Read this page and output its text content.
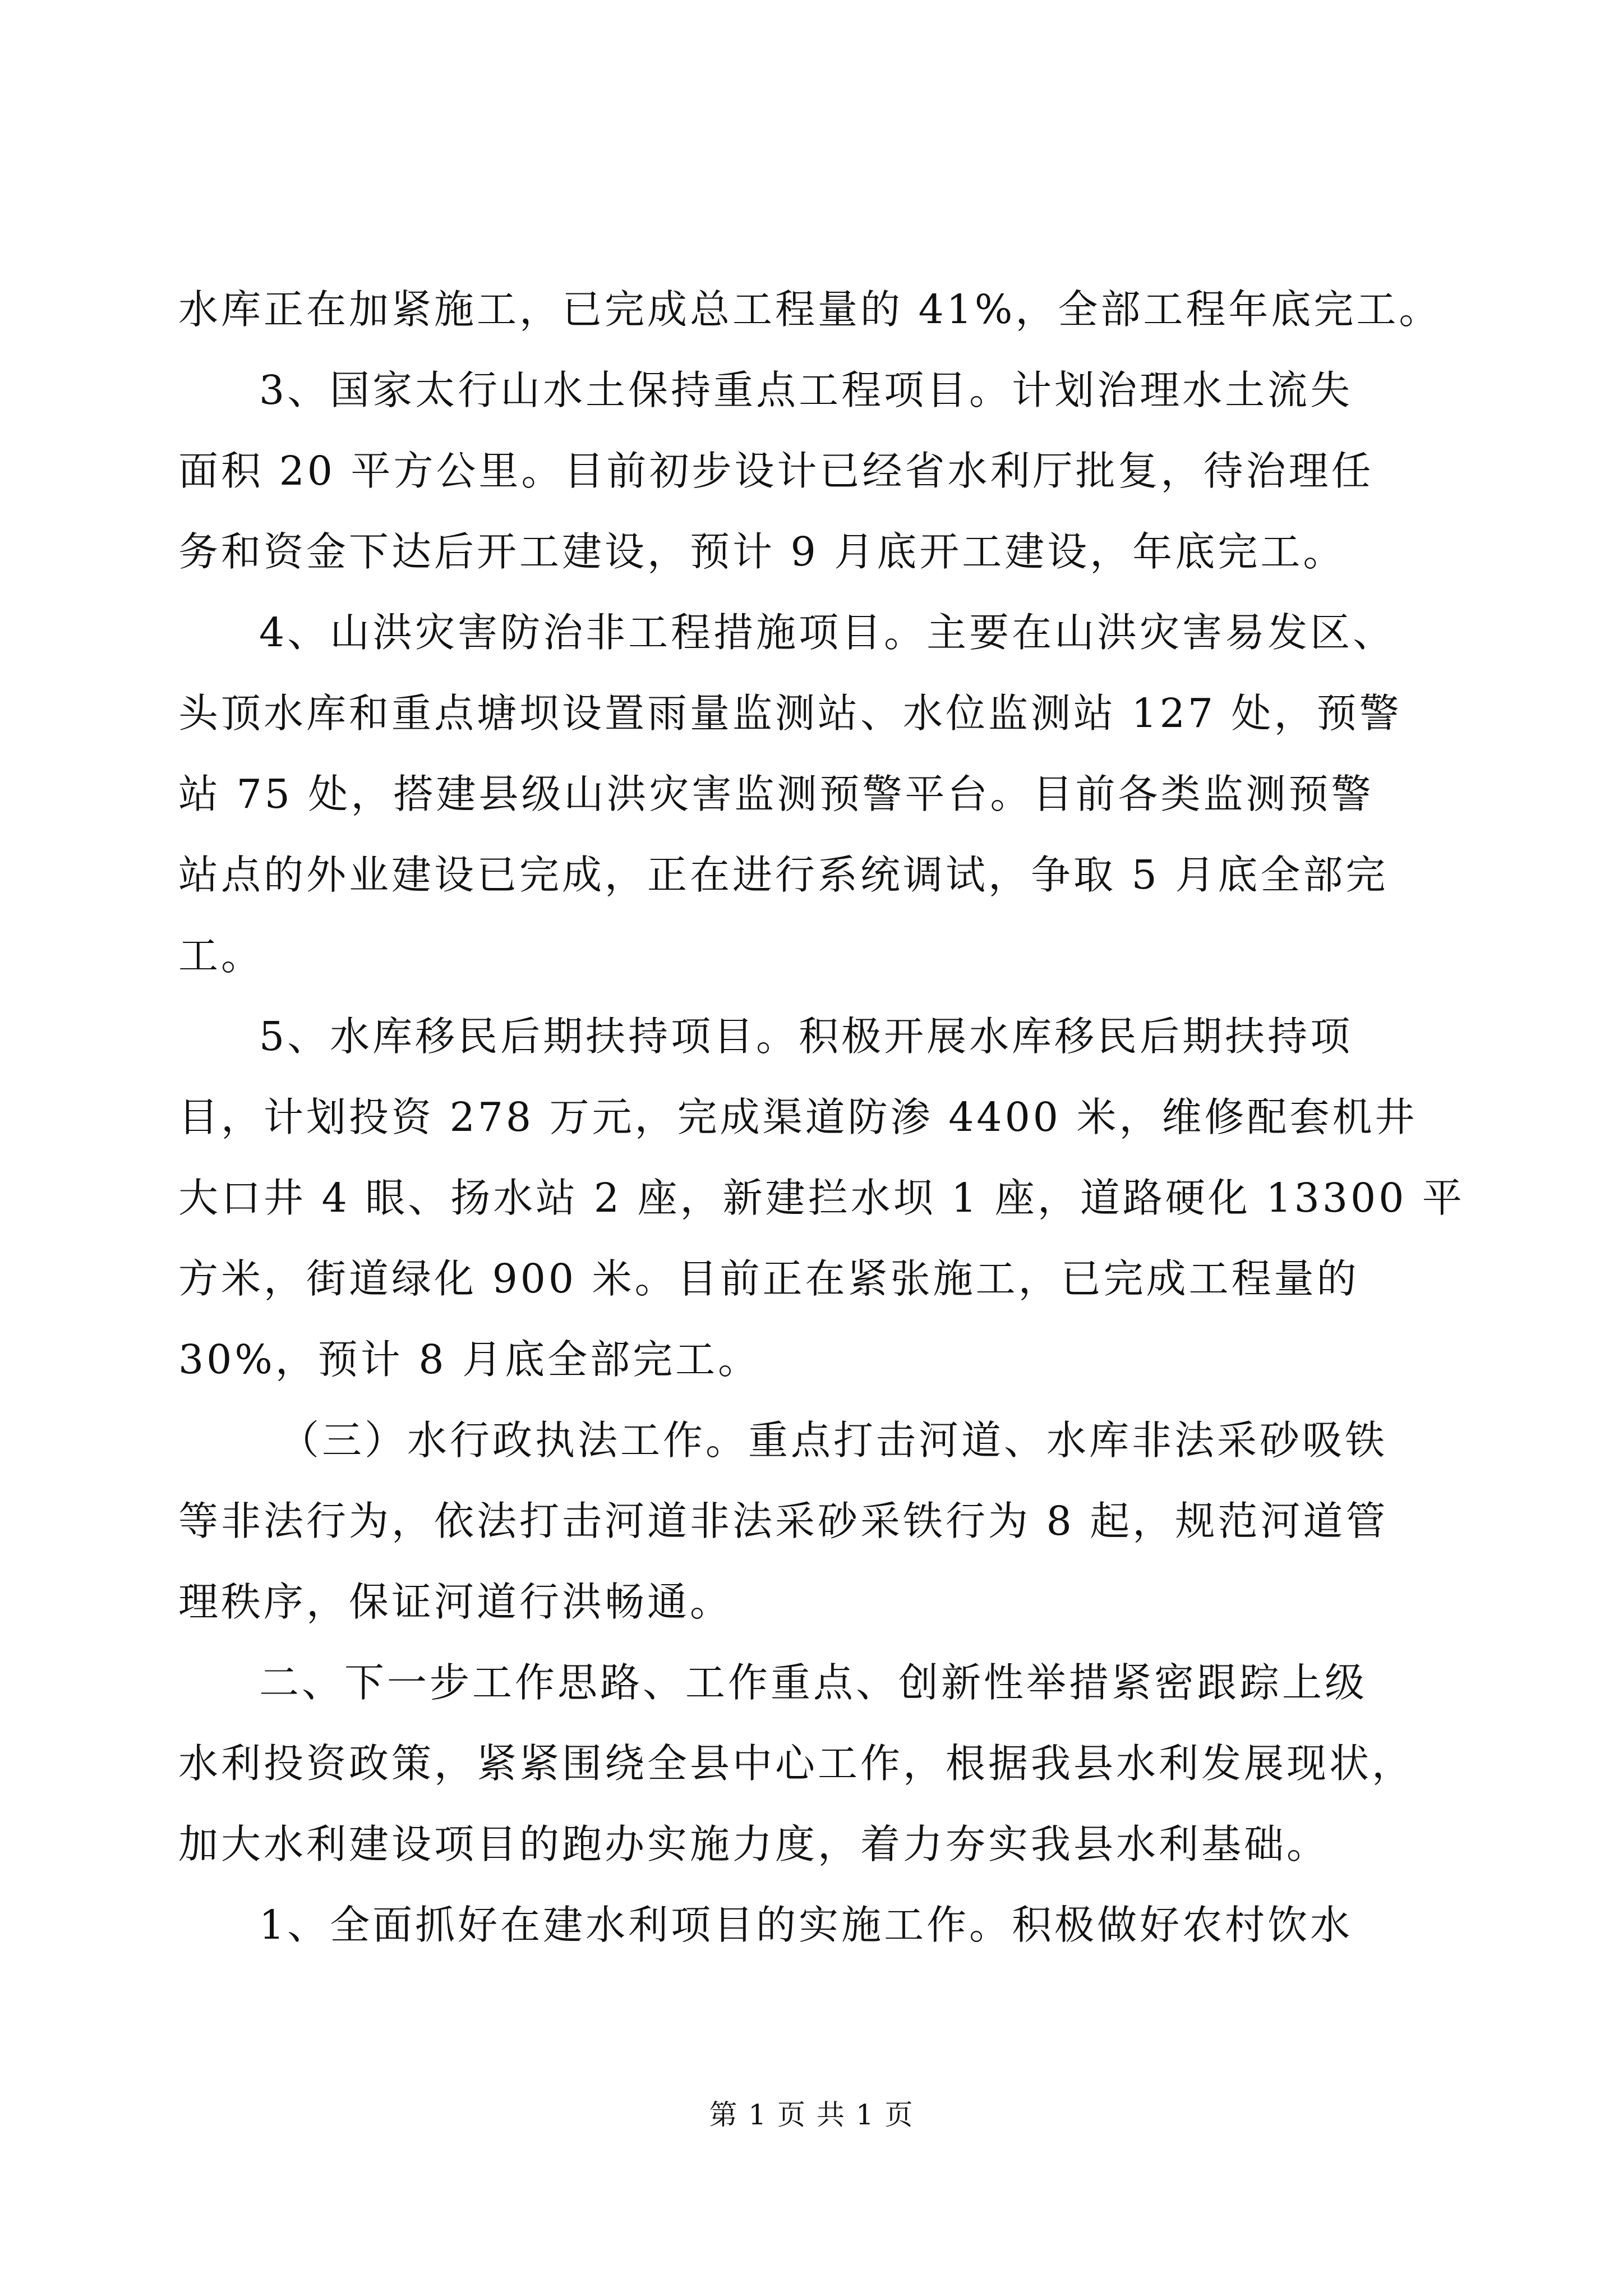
水库正在加紧施工，已完成总工程量的 41%，全部工程年底完工。

3、国家太行山水土保持重点工程项目。计划治理水土流失
面积 20 平方公里。目前初步设计已经省水利厅批复，待治理任
务和资金下达后开工建设，预计 9 月底开工建设，年底完工。

4、山洪灾害防治非工程措施项目。主要在山洪灾害易发区、
头顶水库和重点塘坝设置雨量监测站、水位监测站 127 处，预警
站 75 处，搭建县级山洪灾害监测预警平台。目前各类监测预警
站点的外业建设已完成，正在进行系统调试，争取 5 月底全部完
工。

5、水库移民后期扶持项目。积极开展水库移民后期扶持项
目，计划投资 278 万元，完成渠道防渗 4400 米，维修配套机井
大口井 4 眼、扬水站 2 座，新建拦水坝 1 座，道路硬化 13300 平
方米，街道绿化 900 米。目前正在紧张施工，已完成工程量的
30%，预计 8 月底全部完工。

（三）水行政执法工作。重点打击河道、水库非法采砂吸铁
等非法行为，依法打击河道非法采砂采铁行为 8 起，规范河道管
理秩序，保证河道行洪畅通。

二、下一步工作思路、工作重点、创新性举措紧密跟踪上级
水利投资政策，紧紧围绕全县中心工作，根据我县水利发展现状，
加大水利建设项目的跑办实施力度，着力夯实我县水利基础。

1、全面抓好在建水利项目的实施工作。积极做好农村饮水

第 1 页 共 1 页
